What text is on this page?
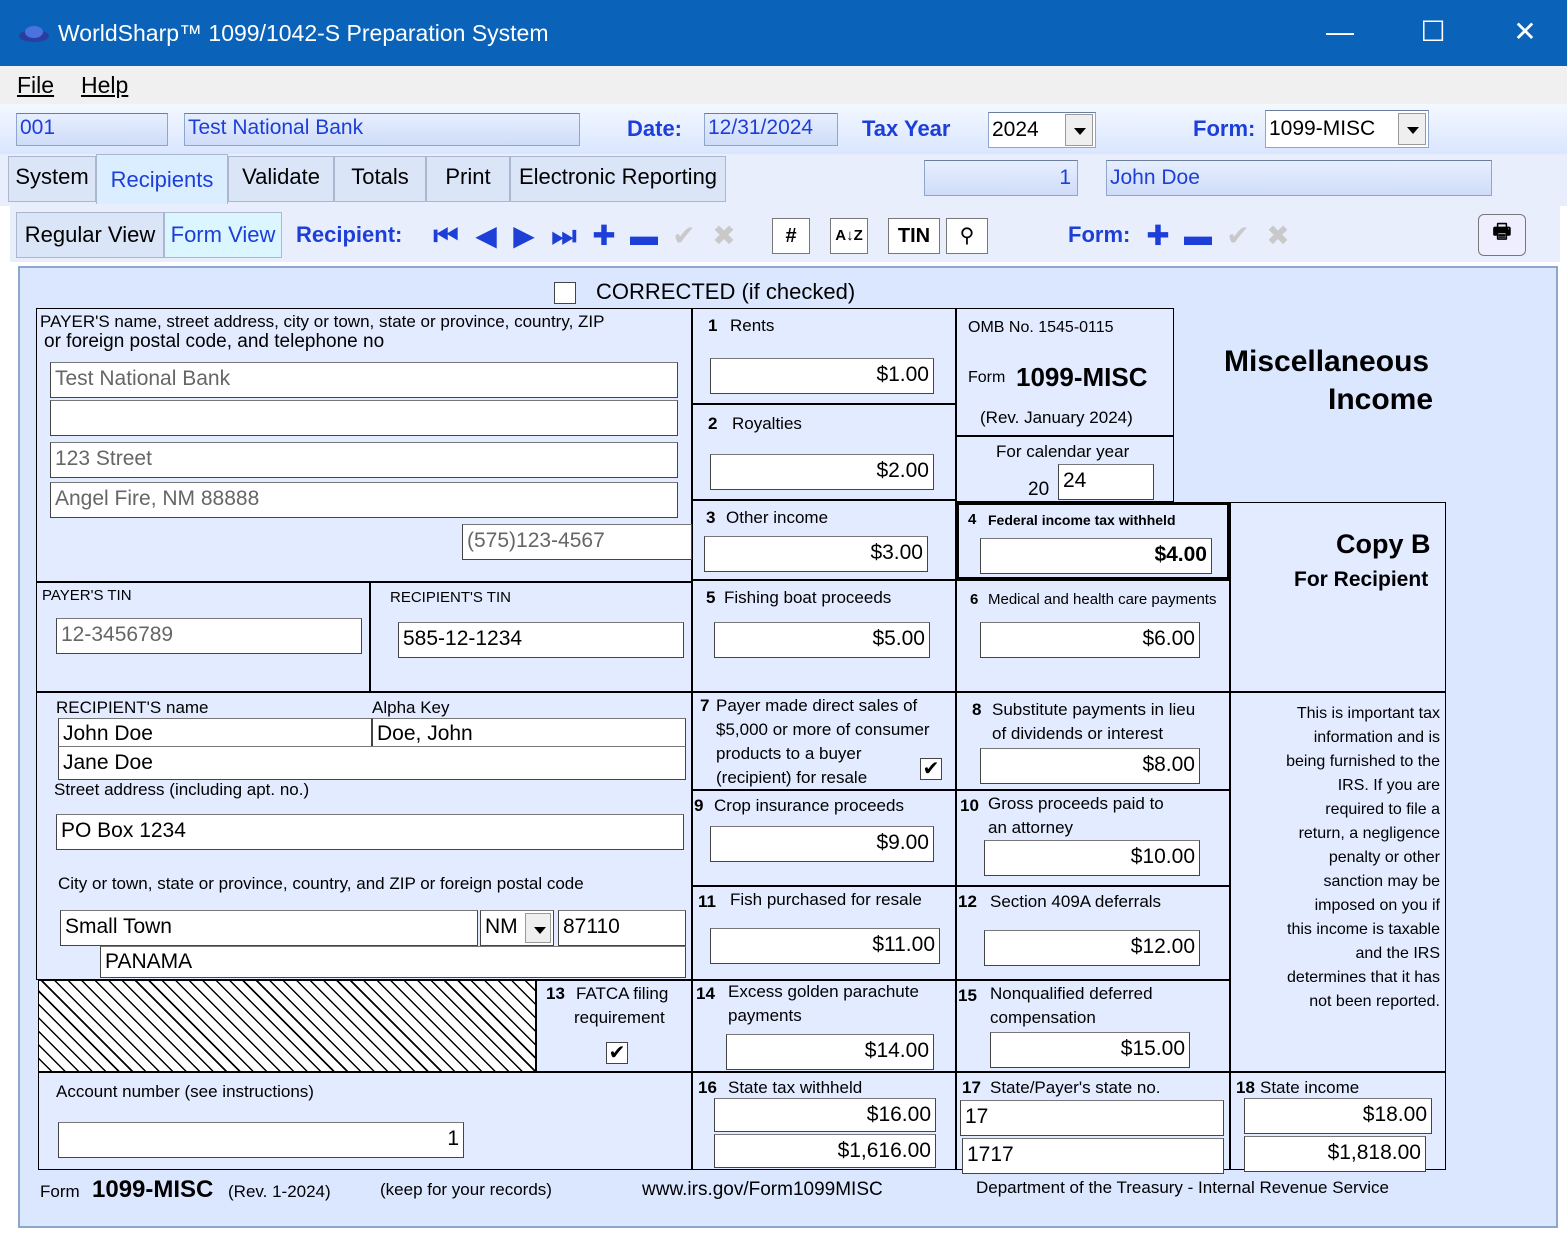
WorldSharp™ 1099/1042-S Preparation System	— ☐ ✕
File Help
001	Test National Bank	Date: 12/31/2024	Tax Year 2024	Form: 1099-MISC
System Recipients	Validate	Totals	Print	Electronic Reporting	1	John Doe
Regular View Form View Recipient: ⏮ ◀ ▶ ⏭ ✚ ▬ ✔ ✖	#	A↓Z	TIN	⚲	Form: ✚ ▬ ✔ ✖	🖶
CORRECTED (if checked)
PAYER'S name, street address, city or town, state or province, country, ZIP
or foreign postal code, and telephone no
Test National Bank
123 Street
Angel Fire, NM 88888
(575)123-4567
PAYER'S TIN
12-3456789
RECIPIENT'S TIN
585-12-1234
RECIPIENT'S name	Alpha Key
John Doe	Doe, John
Jane Doe
Street address (including apt. no.)
PO Box 1234
City or town, state or province, country, and ZIP or foreign postal code
Small Town	NM	87110
PANAMA
13 FATCA filing
requirement
✔
Account number (see instructions)
1
1 Rents
$1.00
2 Royalties
$2.00
3 Other income
$3.00
5 Fishing boat proceeds
$5.00
7 Payer made direct sales of
$5,000 or more of consumer
products to a buyer
(recipient) for resale	✔
9 Crop insurance proceeds
$9.00
11 Fish purchased for resale
$11.00
14 Excess golden parachute
payments
$14.00
16 State tax withheld
$16.00
$1,616.00
OMB No. 1545-0115
Form 1099-MISC
(Rev. January 2024)
For calendar year
20 24
4 Federal income tax withheld
$4.00
6 Medical and health care payments
$6.00
8 Substitute payments in lieu
of dividends or interest
$8.00
10 Gross proceeds paid to
an attorney
$10.00
12 Section 409A deferrals
$12.00
15 Nonqualified deferred
compensation
$15.00
17 State/Payer's state no.
17
1717
Miscellaneous
Income
Copy B
For Recipient
This is important tax
information and is
being furnished to the
IRS. If you are
required to file a
return, a negligence
penalty or other
sanction may be
imposed on you if
this income is taxable
and the IRS
determines that it has
not been reported.
18 State income
$18.00
$1,818.00
Form 1099-MISC (Rev. 1-2024)	(keep for your records)	www.irs.gov/Form1099MISC	Department of the Treasury - Internal Revenue Service
